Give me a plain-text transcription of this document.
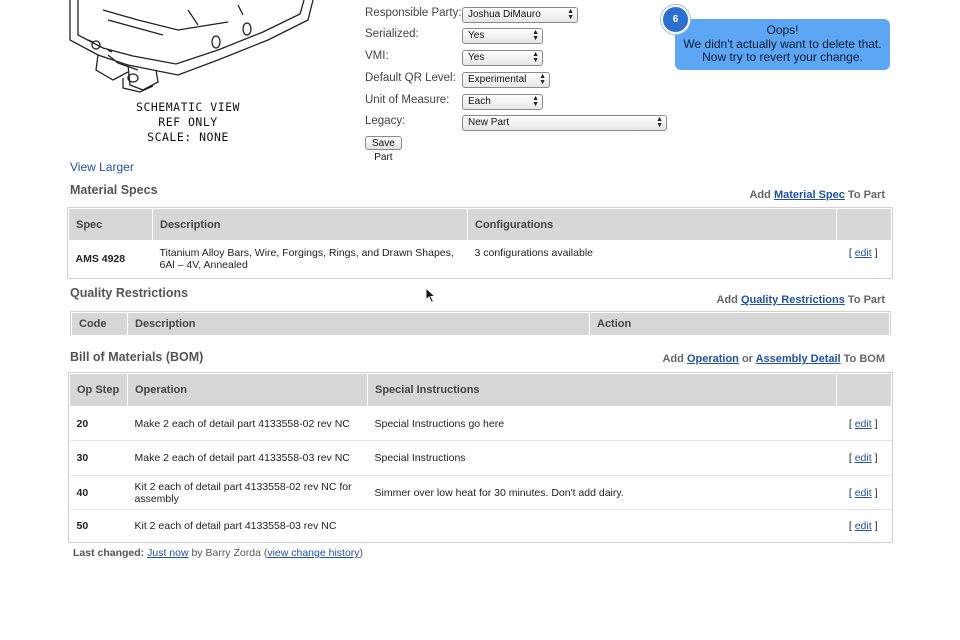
SCHEMATIC VIEW
REF ONLY
SCALE: NONE
View Larger
Responsible Party: Joshua DiMauro	▲
▼
Serialized:	Yes	▲
▼
VMI:	Yes	▲
▼
Default QR Level:	Experimental ▲
▼
Unit of Measure:	Each	▲
▼
Legacy:	New Part	▲
▼
Save Part
Oops!
We didn't actually want to delete that.
Now try to revert your change.
6
Material Specs	Add Material Spec To Part
Spec	Description	Configurations	
AMS 4928	Titanium Alloy Bars, Wire, Forgings, Rings, and Drawn Shapes, 6Al – 4V, Annealed	3 configurations available	[ edit ]
Quality Restrictions	Add Quality Restrictions To Part
Code	Description	Action
Bill of Materials (BOM)	Add Operation or Assembly Detail To BOM
Op Step	Operation	Special Instructions	
20	Make 2 each of detail part 4133558-02 rev NC	Special Instructions go here	[ edit ]
30	Make 2 each of detail part 4133558-03 rev NC	Special Instructions	[ edit ]
40	Kit 2 each of detail part 4133558-02 rev NC for assembly	Simmer over low heat for 30 minutes. Don't add dairy.	[ edit ]
50	Kit 2 each of detail part 4133558-03 rev NC		[ edit ]
Last changed: Just now by Barry Zorda (view change history)
